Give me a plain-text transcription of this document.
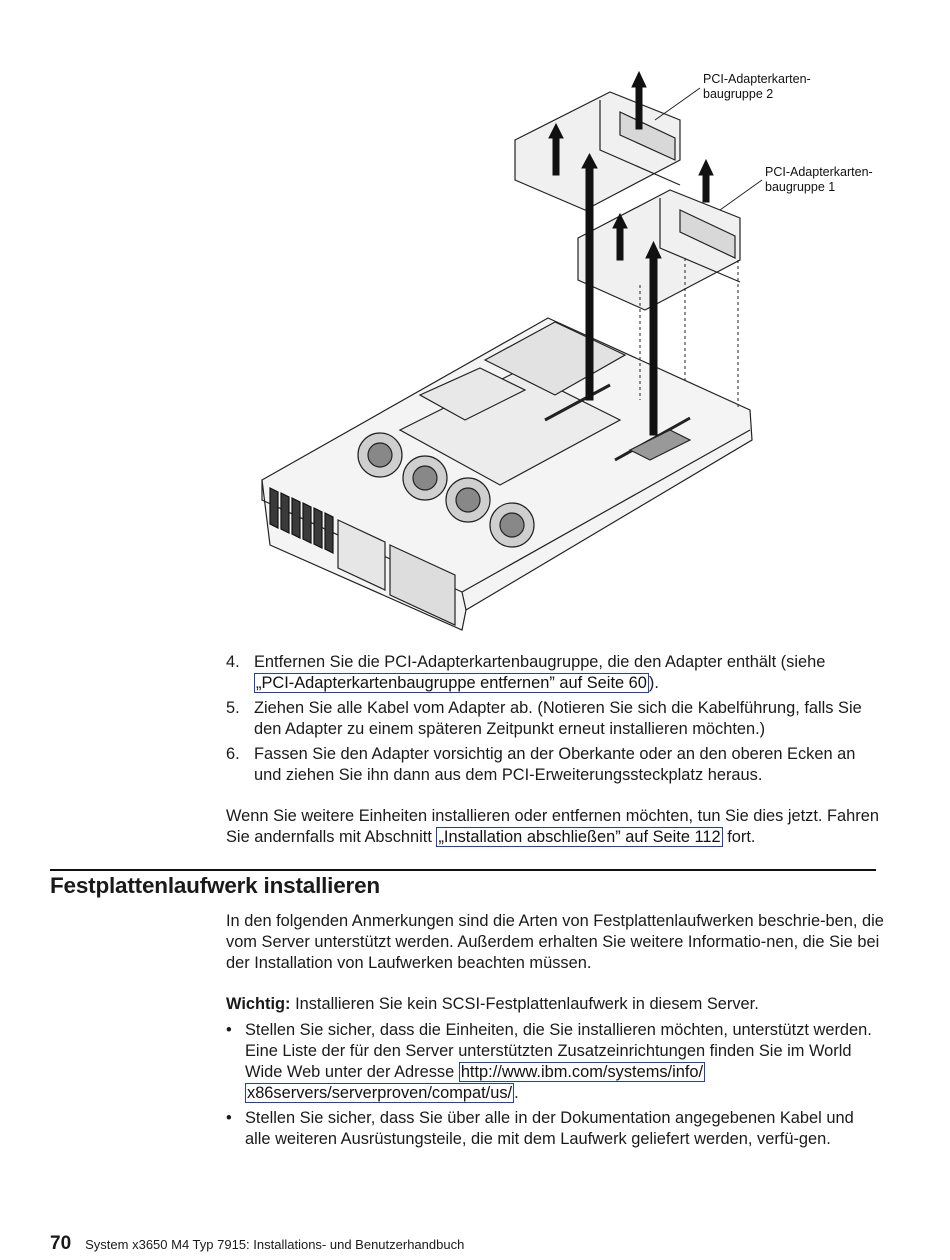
PCI-Adapterkarten-
baugruppe 2
PCI-Adapterkarten-
baugruppe 1
4. Entfernen Sie die PCI-Adapterkartenbaugruppe, die den Adapter enthält (siehe
„PCI-Adapterkartenbaugruppe entfernen” auf Seite 60 ).
5. Ziehen Sie alle Kabel vom Adapter ab. (Notieren Sie sich die Kabelführung, falls Sie den Adapter zu einem späteren Zeitpunkt erneut installieren möchten.)
6. Fassen Sie den Adapter vorsichtig an der Oberkante oder an den oberen Ecken an und ziehen Sie ihn dann aus dem PCI-Erweiterungssteckplatz heraus.
Wenn Sie weitere Einheiten installieren oder entfernen möchten, tun Sie dies jetzt. Fahren Sie andernfalls mit Abschnitt „Installation abschließen” auf Seite 112 fort.
Festplattenlaufwerk installieren
In den folgenden Anmerkungen sind die Arten von Festplattenlaufwerken beschrie-ben, die vom Server unterstützt werden. Außerdem erhalten Sie weitere Informatio-nen, die Sie bei der Installation von Laufwerken beachten müssen.
Wichtig: Installieren Sie kein SCSI-Festplattenlaufwerk in diesem Server.
• Stellen Sie sicher, dass die Einheiten, die Sie installieren möchten, unterstützt werden. Eine Liste der für den Server unterstützten Zusatzeinrichtungen finden Sie im World Wide Web unter der Adresse http://www.ibm.com/systems/info/ x86servers/serverproven/compat/us/ .
• Stellen Sie sicher, dass Sie über alle in der Dokumentation angegebenen Kabel und alle weiteren Ausrüstungsteile, die mit dem Laufwerk geliefert werden, verfü-gen.
70 System x3650 M4 Typ 7915: Installations- und Benutzerhandbuch
